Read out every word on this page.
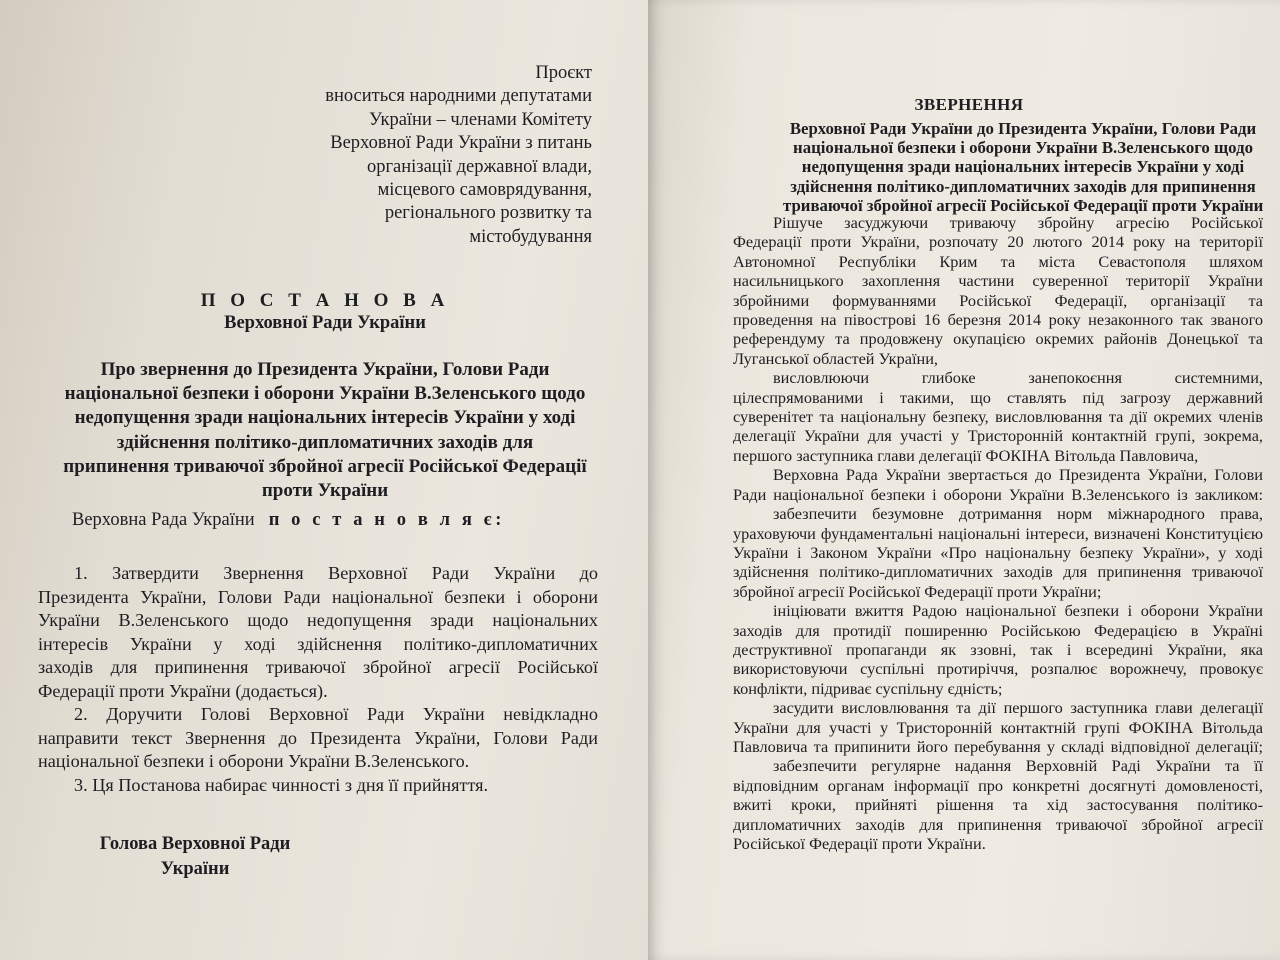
Проєкт
вноситься народними депутатами
України – членами Комітету
Верховної Ради України з питань
організації державної влади,
місцевого самоврядування,
регіонального розвитку та
містобудування
П О С Т А Н О В А
Верховної Ради України
Про звернення до Президента України, Голови Ради
національної безпеки і оборони України В.Зеленського щодо
недопущення зради національних інтересів України у ході
здійснення політико-дипломатичних заходів для
припинення триваючої збройної агресії Російської Федерації
проти України
Верховна Рада України п о с т а н о в л я є:
1. Затвердити Звернення Верховної Ради України до
Президента України, Голови Ради національної безпеки і оборони
України В.Зеленського щодо недопущення зради національних
інтересів України у ході здійснення політико-дипломатичних
заходів для припинення триваючої збройної агресії Російської
Федерації проти України (додається).
2. Доручити Голові Верховної Ради України невідкладно
направити текст Звернення до Президента України, Голови Ради
національної безпеки і оборони України В.Зеленського.
3. Ця Постанова набирає чинності з дня її прийняття.
Голова Верховної Ради
України
ЗВЕРНЕННЯ
Верховної Ради України до Президента України, Голови Ради
національної безпеки і оборони України В.Зеленського щодо
недопущення зради національних інтересів України у ході
здійснення політико-дипломатичних заходів для припинення
триваючої збройної агресії Російської Федерації проти України
Рішуче засуджуючи триваючу збройну агресію Російської
Федерації проти України, розпочату 20 лютого 2014 року на території
Автономної Республіки Крим та міста Севастополя шляхом
насильницького захоплення частини суверенної території України
збройними формуваннями Російської Федерації, організації та
проведення на півострові 16 березня 2014 року незаконного так званого
референдуму та продовжену окупацією окремих районів Донецької та
Луганської областей України,
висловлюючи глибоке занепокоєння системними,
цілеспрямованими і такими, що ставлять під загрозу державний
суверенітет та національну безпеку, висловлювання та дії окремих членів
делегації України для участі у Тристоронній контактній групі, зокрема,
першого заступника глави делегації ФОКІНА Вітольда Павловича,
Верховна Рада України звертається до Президента України, Голови
Ради національної безпеки і оборони України В.Зеленського із закликом:
забезпечити безумовне дотримання норм міжнародного права,
ураховуючи фундаментальні національні інтереси, визначені Конституцією
України і Законом України «Про національну безпеку України», у ході
здійснення політико-дипломатичних заходів для припинення триваючої
збройної агресії Російської Федерації проти України;
ініціювати вжиття Радою національної безпеки і оборони України
заходів для протидії поширенню Російською Федерацією в Україні
деструктивної пропаганди як ззовні, так і всередині України, яка
використовуючи суспільні протиріччя, розпалює ворожнечу, провокує
конфлікти, підриває суспільну єдність;
засудити висловлювання та дії першого заступника глави делегації
України для участі у Тристоронній контактній групі ФОКІНА Вітольда
Павловича та припинити його перебування у складі відповідної делегації;
забезпечити регулярне надання Верховній Раді України та її
відповідним органам інформації про конкретні досягнуті домовленості,
вжиті кроки, прийняті рішення та хід застосування політико-
дипломатичних заходів для припинення триваючої збройної агресії
Російської Федерації проти України.
